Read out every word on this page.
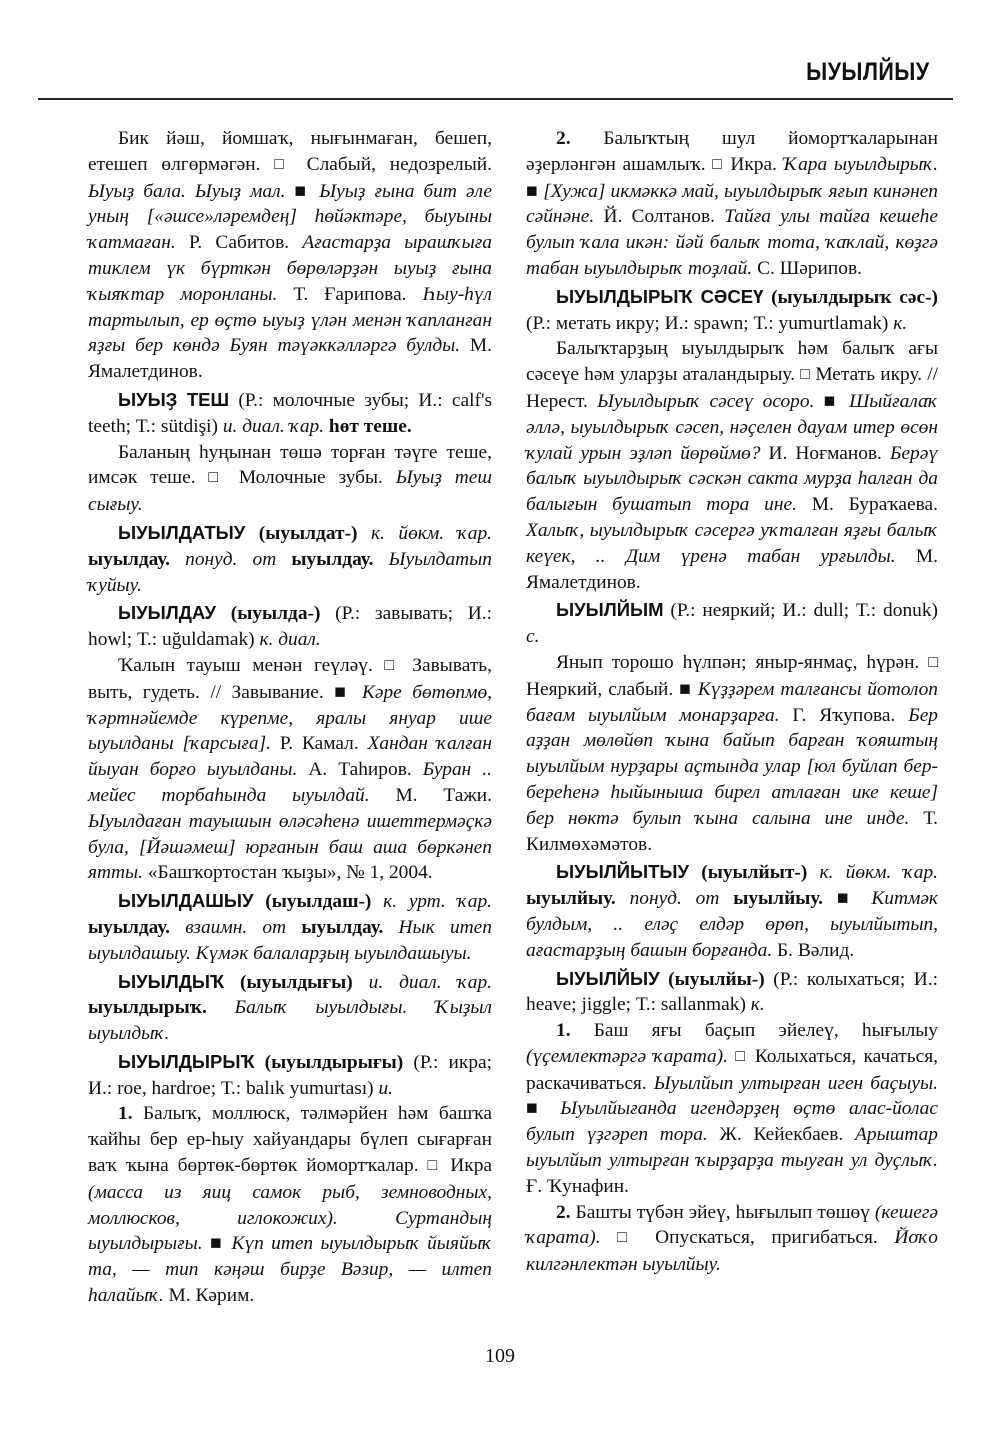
ЫУЫЛЙЫУ

Бик йәш, йомшаҡ, нығынмаған, бешеп, етешеп өлгөрмәгән. □ Слабый, недозрелый. Ыуыҙ бала. Ыуыҙ мал. ■ Ыуыҙ ғына бит әле уның [«әшсе»ләремдең] һөйәктәре, быуыны ҡатмаған. Р. Сабитов. Ағастарҙа ырашҡыға тиклем үк бүрткән бөрөләрҙән ыуыҙ ғына ҡыяҡтар моронланы. Т. Ғарипова. Һыу-һүл тартылып, ер өҫтө ыуыҙ үлән менән ҡапланған яҙғы бер көндә Буян тәүәккәлләргә булды. М. Ямалетдинов.

ЫУЫҘ ТЕШ (Р.: молочные зубы; И.: calf's teeth; Т.: sütdişi) и. диал. ҡар. һөт теше.

Баланың һуңынан төшә торған тәүге теше, имсәк теше. □ Молочные зубы. Ыуыҙ теш сығыу.

ЫУЫЛДАТЫУ (ыуылдат-) к. йөкм. ҡар. ыуылдау. понуд. от ыуылдау. Ыуылдатып ҡуйыу.

ЫУЫЛДАУ (ыуылда-) (Р.: завывать; И.: howl; Т.: uğuldamak) к. диал.

Ҡалын тауыш менән геүләү. □ Завывать, выть, гудеть. // Завывание. ■ Кәре бөтөпмө, ҡәртнәйемде күрепме, яралы януар ише ыуылданы [ҡарсыға]. Р. Камал. Хандан ҡалған йыуан борғо ыуылданы. А. Таһиров. Буран .. мейес торбаһында ыуылдай. М. Тажи. Ыуылдаған тауышын өләсәһенә ишеттермәҫкә була, [Йәшәмеш] юрғанын баш аша бөркәнеп ятты. «Башҡортостан ҡыҙы», № 1, 2004.

ЫУЫЛДАШЫУ (ыуылдаш-) к. урт. ҡар. ыуылдау. взаимн. от ыуылдау. Нык итеп ыуылдашыу. Күмәк балаларҙың ыуылдашыуы.

ЫУЫЛДЫҠ (ыуылдығы) и. диал. ҡар. ыуылдырыҡ. Балыҡ ыуылдығы. Ҡыҙыл ыуылдыҡ.

ЫУЫЛДЫРЫҠ (ыуылдырығы) (Р.: икра; И.: roe, hardroe; Т.: balık yumurtası) и.

1. Балыҡ, моллюск, тәлмәрйен һәм башҡа ҡайһы бер ер-һыу хайуандары бүлеп сығарған ваҡ ҡына бөртөк-бөртөк йомортҡалар. □ Икра (масса из яиц самок рыб, земноводных, моллюсков, иглокожих). Суртандың ыуылдырығы. ■ Күп итеп ыуылдырыҡ йыяйыҡ та, — тип кәңәш бирҙе Вәзир, — илтеп һалайыҡ. М. Кәрим.

2. Балыҡтың шул йомортҡаларынан әҙерләнгән ашамлыҡ. □ Икра. Ҡара ыуылдырыҡ. ■ [Хужа] икмәккә май, ыуылдырыҡ яғып кинәнеп сәйнәне. Й. Солтанов. Тайға улы тайға кешеһе булып ҡала икән: йәй балыҡ тота, ҡаҡлай, көҙгә табан ыуылдырыҡ тоҙлай. С. Шәрипов.

ЫУЫЛДЫРЫҠ СӘСЕҮ (ыуылдырыҡ сәс-) (Р.: метать икру; И.: spawn; Т.: yumurtlamak) к.

Балыҡтарҙың ыуылдырыҡ һәм балыҡ ағы сәсеүе һәм уларҙы аталандырыу. □ Метать икру. // Нерест. Ыуылдырыҡ сәсеү осоро. ■ Шыйғалаҡ әллә, ыуылдырыҡ сәсеп, нәҫелен дауам итер өсөн ҡулай урын эҙләп йөрөймө? И. Ноғманов. Берәү балыҡ ыуылдырыҡ сәскән сакта мурҙа һалған да балығын бушатып тора ине. М. Бураҡаева. Халыҡ, ыуылдырыҡ сәсергә уҡталған яҙғы балыҡ кеүек, .. Дим үренә табан урғылды. М. Ямалетдинов.

ЫУЫЛЙЫМ (Р.: неяркий; И.: dull; Т.: donuk) с.

Янып торошо һүлпән; яныр-янмаҫ, һүрән. □ Неяркий, слабый. ■ Күҙҙәрем талғансы йотолоп бағам ыуылйым монарҙарға. Г. Яҡупова. Бер аҙҙан мөлөйөп ҡына байып барған ҡояштың ыуылйым нурҙары аҫтында улар [юл буйлап бер-береһенә һыйыныша бирел атлаған ике кеше] бер нөктә булып ҡына салына ине инде. Т. Килмөхәмәтов.

ЫУЫЛЙЫТЫУ (ыуылйыт-) к. йөкм. ҡар. ыуылйыу. понуд. от ыуылйыу. ■ Китмәк булдым, .. еләҫ елдәр өрөп, ыуылйытып, ағастарҙың башын борғанда. Б. Вәлид.

ЫУЫЛЙЫУ (ыуылйы-) (Р.: колыхаться; И.: heave; jiggle; Т.: sallanmak) к.

1. Баш яғы баҫып эйелеү, һығылыу (үҫемлектәргә ҡарата). □ Колыхаться, качаться, раскачиваться. Ыуылйып ултырған иген баҫыуы. ■ Ыуылйығанда игендәрҙең өҫтө алас-йолас булып үҙгәреп тора. Ж. Кейекбаев. Арыштар ыуылйып ултырған ҡырҙарҙа тыуған ул дуҫлыҡ. Ғ. Ҡунафин.

2. Башты түбән эйеү, һығылып төшөү (кешегә ҡарата). □ Опускаться, пригибаться. Йоҡо килгәнлектән ыуылйыу.

109
